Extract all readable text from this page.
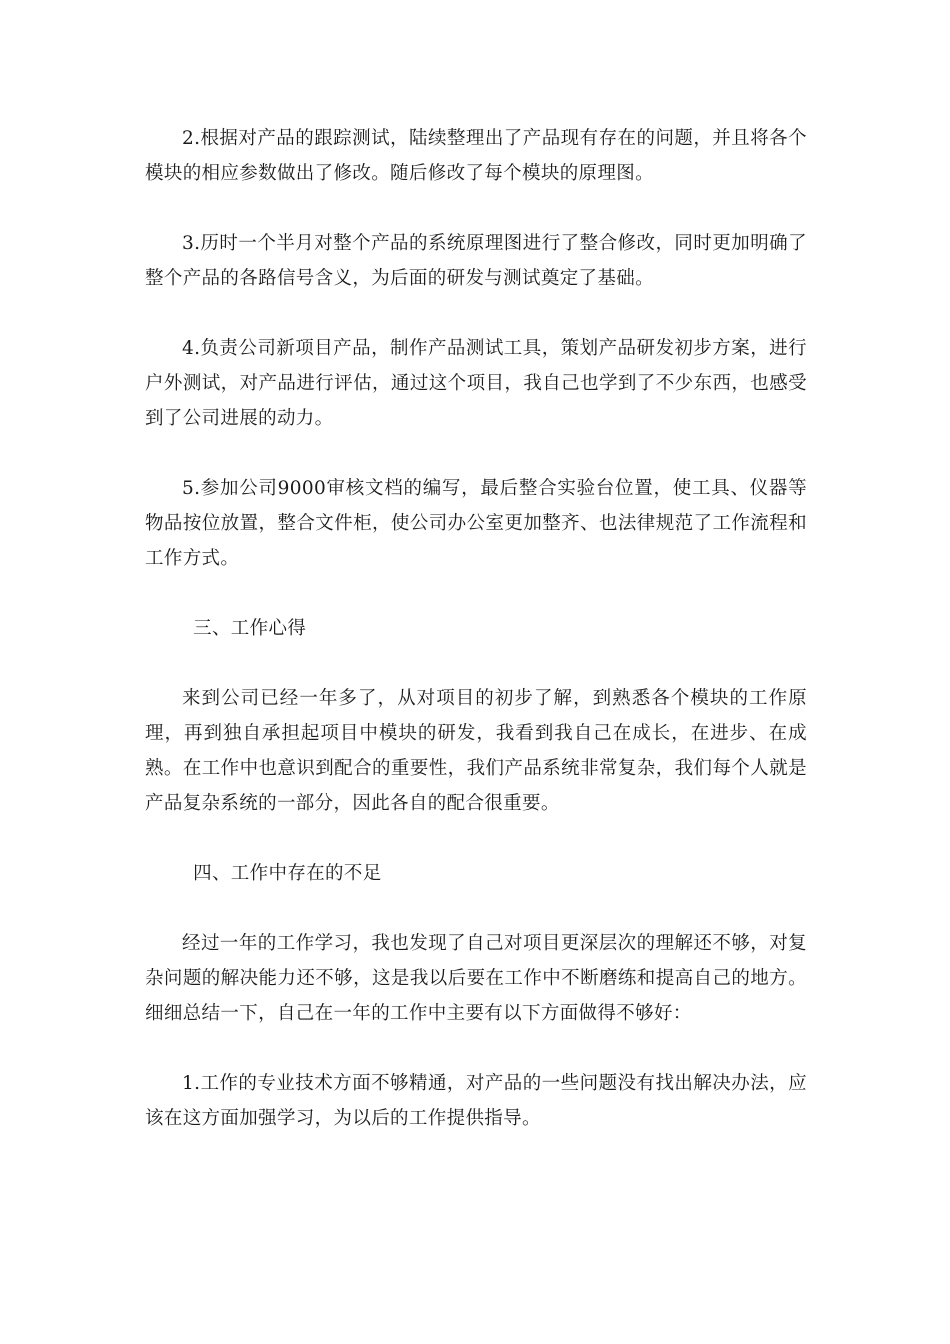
2.根据对产品的跟踪测试，陆续整理出了产品现有存在的问题，并且将各个模块的相应参数做出了修改。随后修改了每个模块的原理图。

3.历时一个半月对整个产品的系统原理图进行了整合修改，同时更加明确了整个产品的各路信号含义，为后面的研发与测试奠定了基础。

4.负责公司新项目产品，制作产品测试工具，策划产品研发初步方案，进行户外测试，对产品进行评估，通过这个项目，我自己也学到了不少东西，也感受到了公司进展的动力。

5.参加公司9000审核文档的编写，最后整合实验台位置，使工具、仪器等物品按位放置，整合文件柜，使公司办公室更加整齐、也法律规范了工作流程和工作方式。

三、工作心得

来到公司已经一年多了，从对项目的初步了解，到熟悉各个模块的工作原理，再到独自承担起项目中模块的研发，我看到我自己在成长，在进步、在成熟。在工作中也意识到配合的重要性，我们产品系统非常复杂，我们每个人就是产品复杂系统的一部分，因此各自的配合很重要。

四、工作中存在的不足

经过一年的工作学习，我也发现了自己对项目更深层次的理解还不够，对复杂问题的解决能力还不够，这是我以后要在工作中不断磨练和提高自己的地方。细细总结一下，自己在一年的工作中主要有以下方面做得不够好：

1.工作的专业技术方面不够精通，对产品的一些问题没有找出解决办法，应该在这方面加强学习，为以后的工作提供指导。
